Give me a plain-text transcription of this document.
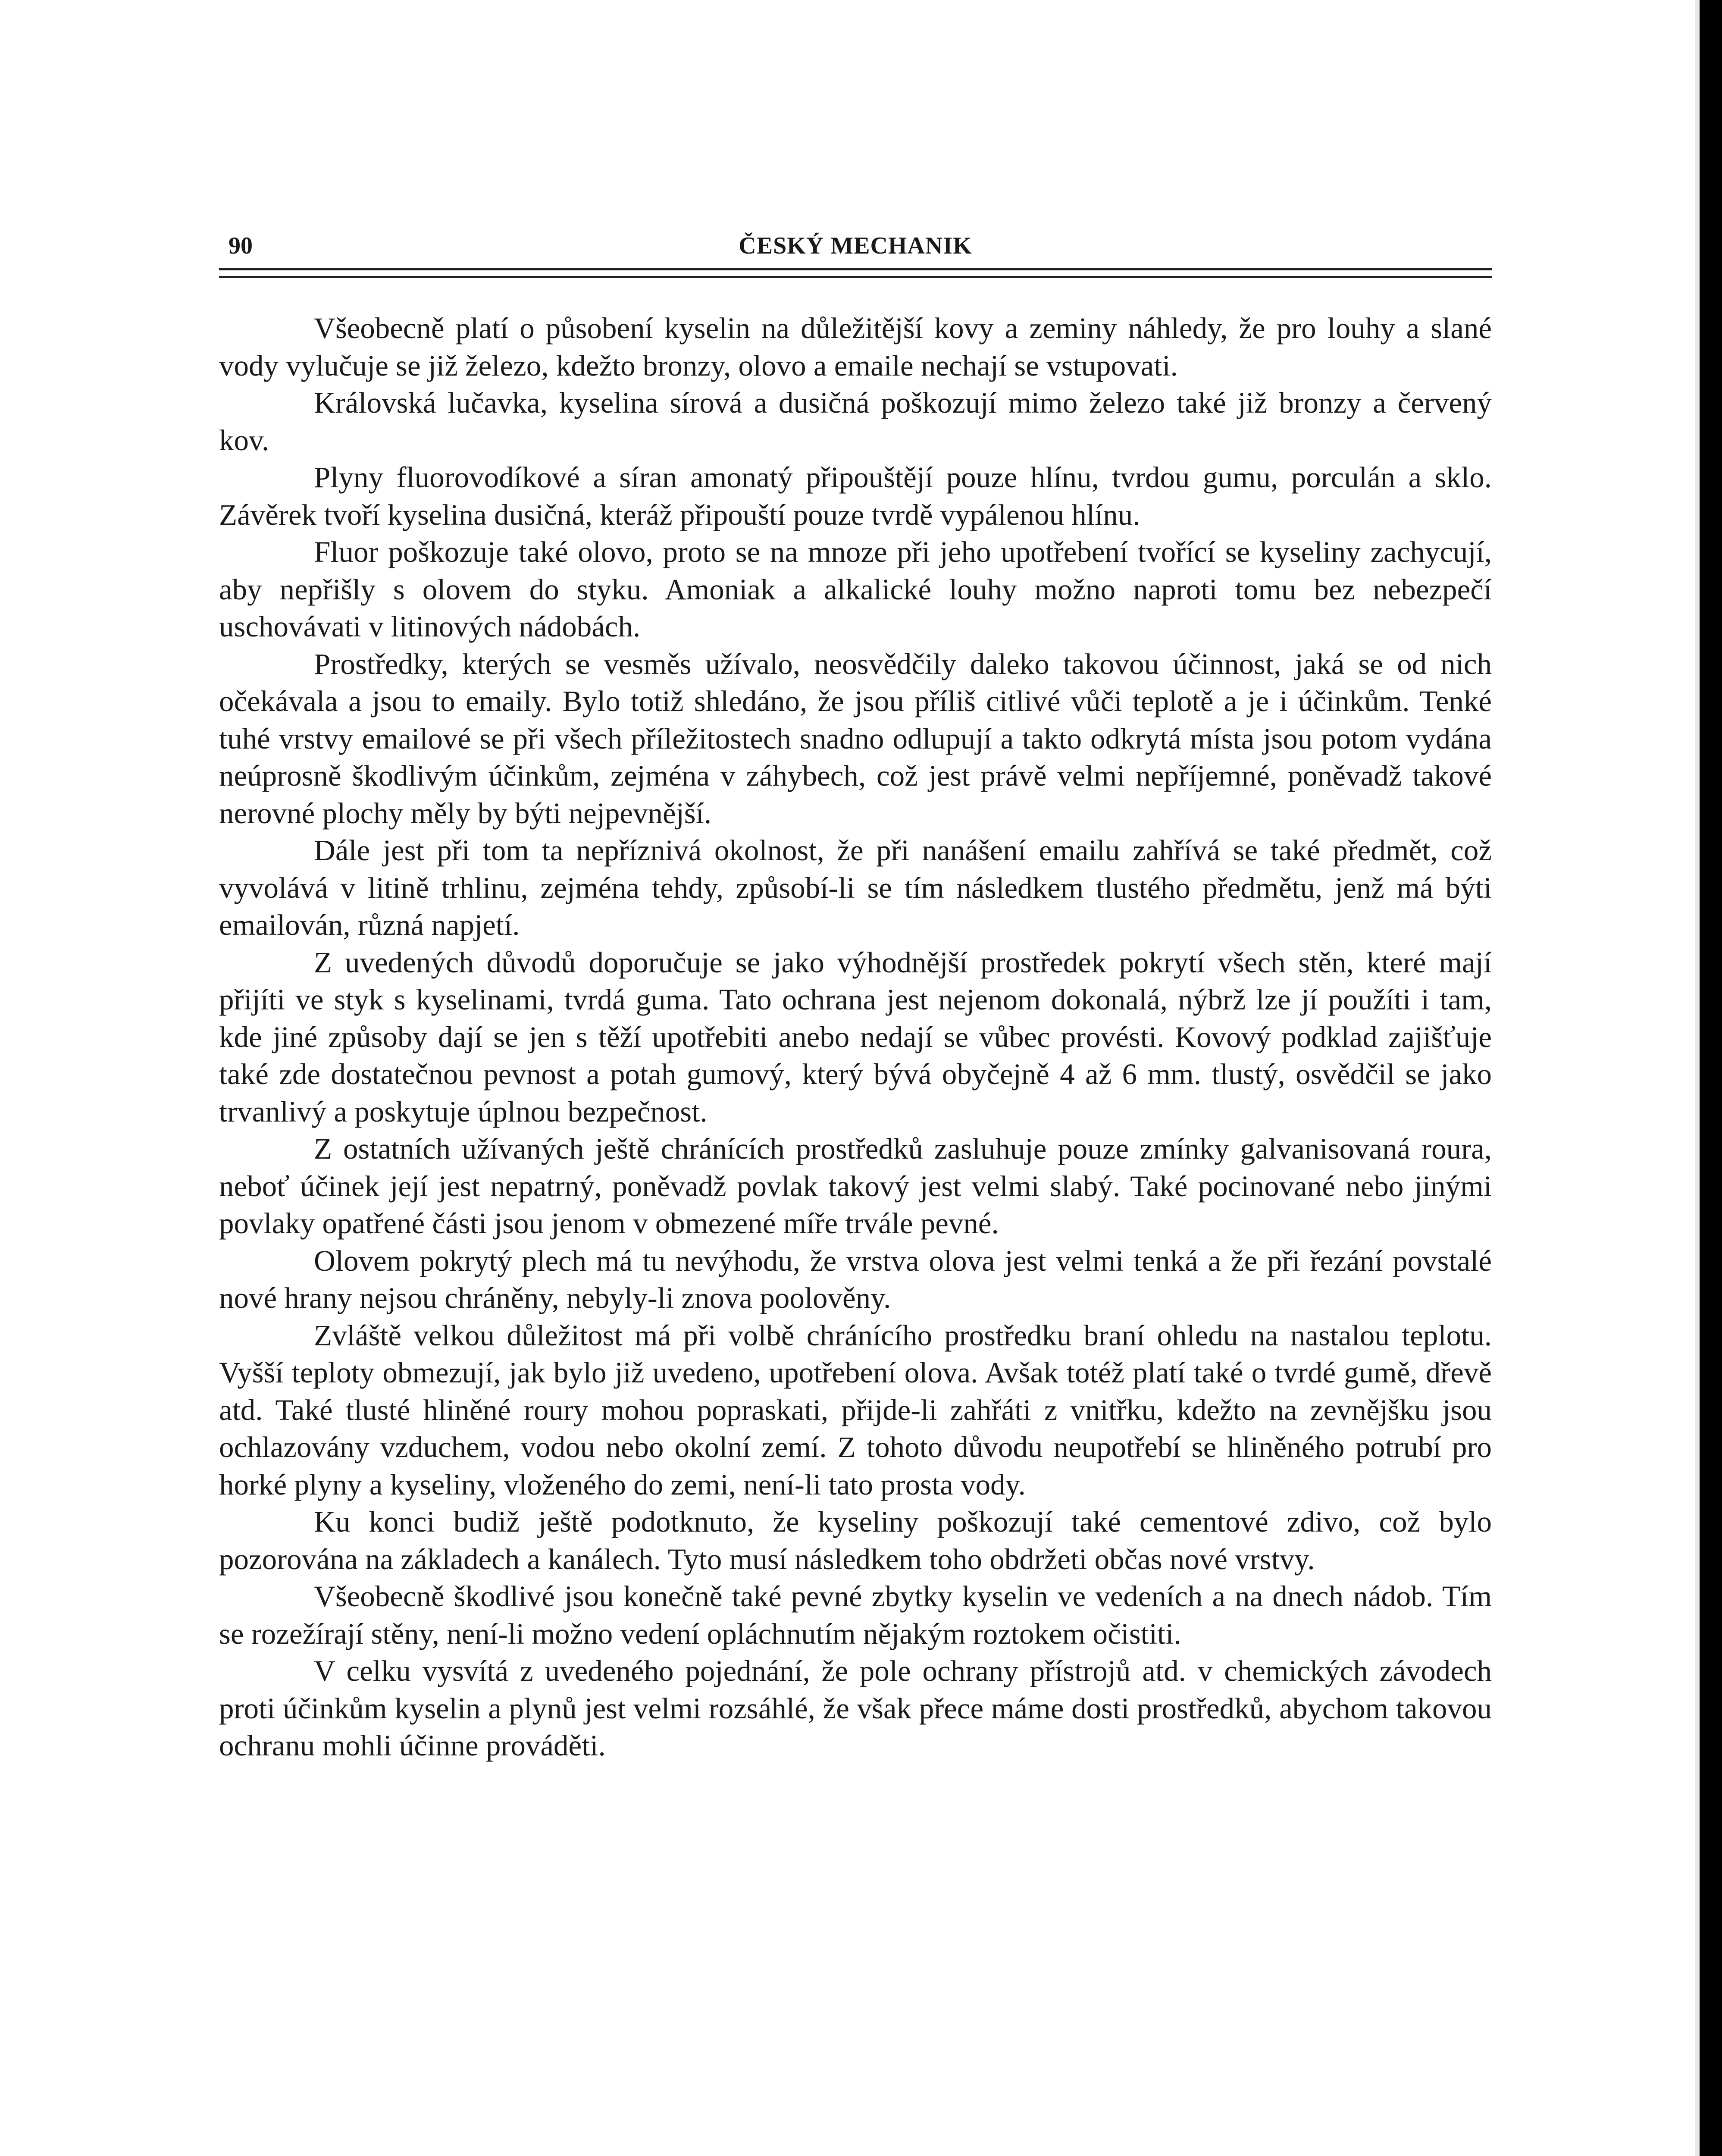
90	ČESKÝ MECHANIK

Všeobecně platí o působení kyselin na důležitější kovy a zeminy náhledy, že pro louhy a slané vody vylučuje se již železo, kdežto bronzy, olovo a emaile nechají se vstupovati.

Královská lučavka, kyselina sírová a dusičná poškozují mimo železo také již bronzy a červený kov.

Plyny fluorovodíkové a síran amonatý připouštějí pouze hlínu, tvrdou gumu, porculán a sklo. Závěrek tvoří kyselina dusičná, kteráž připouští pouze tvrdě vypálenou hlínu.

Fluor poškozuje také olovo, proto se na mnoze při jeho upotřebení tvořící se kyseliny zachycují, aby nepřišly s olovem do styku. Amoniak a alkalické louhy možno naproti tomu bez nebezpečí uschovávati v litinových nádobách.

Prostředky, kterých se vesměs užívalo, neosvědčily daleko takovou účinnost, jaká se od nich očekávala a jsou to emaily. Bylo totiž shledáno, že jsou příliš citlivé vůči teplotě a je i účinkům. Tenké tuhé vrstvy emailové se při všech příležitostech snadno odlupují a takto odkrytá místa jsou potom vydána neúprosně škodlivým účinkům, zejména v záhybech, což jest právě velmi nepříjemné, poněvadž takové nerovné plochy měly by býti nejpevnější.

Dále jest při tom ta nepříznivá okolnost, že při nanášení emailu zahřívá se také předmět, což vyvolává v litině trhlinu, zejména tehdy, způsobí-li se tím následkem tlustého předmětu, jenž má býti emailován, různá napjetí.

Z uvedených důvodů doporučuje se jako výhodnější prostředek pokrytí všech stěn, které mají přijíti ve styk s kyselinami, tvrdá guma. Tato ochrana jest nejenom dokonalá, nýbrž lze jí použíti i tam, kde jiné způsoby dají se jen s těží upotřebiti anebo nedají se vůbec provésti. Kovový podklad zajišťuje také zde dostatečnou pevnost a potah gumový, který bývá obyčejně 4 až 6 mm. tlustý, osvědčil se jako trvanlivý a poskytuje úplnou bezpečnost.

Z ostatních užívaných ještě chránících prostředků zasluhuje pouze zmínky galvanisovaná roura, neboť účinek její jest nepatrný, poněvadž povlak takový jest velmi slabý. Také pocinované nebo jinými povlaky opatřené části jsou jenom v obmezené míře trvále pevné.

Olovem pokrytý plech má tu nevýhodu, že vrstva olova jest velmi tenká a že při řezání povstalé nové hrany nejsou chráněny, nebyly-li znova poolověny.

Zvláště velkou důležitost má při volbě chránícího prostředku braní ohledu na nastalou teplotu. Vyšší teploty obmezují, jak bylo již uvedeno, upotřebení olova. Avšak totéž platí také o tvrdé gumě, dřevě atd. Také tlusté hliněné roury mohou popraskati, přijde-li zahřáti z vnitřku, kdežto na zevnějšku jsou ochlazovány vzduchem, vodou nebo okolní zemí. Z tohoto důvodu neupotřebí se hliněného potrubí pro horké plyny a kyseliny, vloženého do zemi, není-li tato prosta vody.

Ku konci budiž ještě podotknuto, že kyseliny poškozují také cementové zdivo, což bylo pozorována na základech a kanálech. Tyto musí následkem toho obdržeti občas nové vrstvy.

Všeobecně škodlivé jsou konečně také pevné zbytky kyselin ve vedeních a na dnech nádob. Tím se rozežírají stěny, není-li možno vedení opláchnutím nějakým roztokem očistiti.

V celku vysvítá z uvedeného pojednání, že pole ochrany přístrojů atd. v chemických závodech proti účinkům kyselin a plynů jest velmi rozsáhlé, že však přece máme dosti prostředků, abychom takovou ochranu mohli účinne prováděti.
